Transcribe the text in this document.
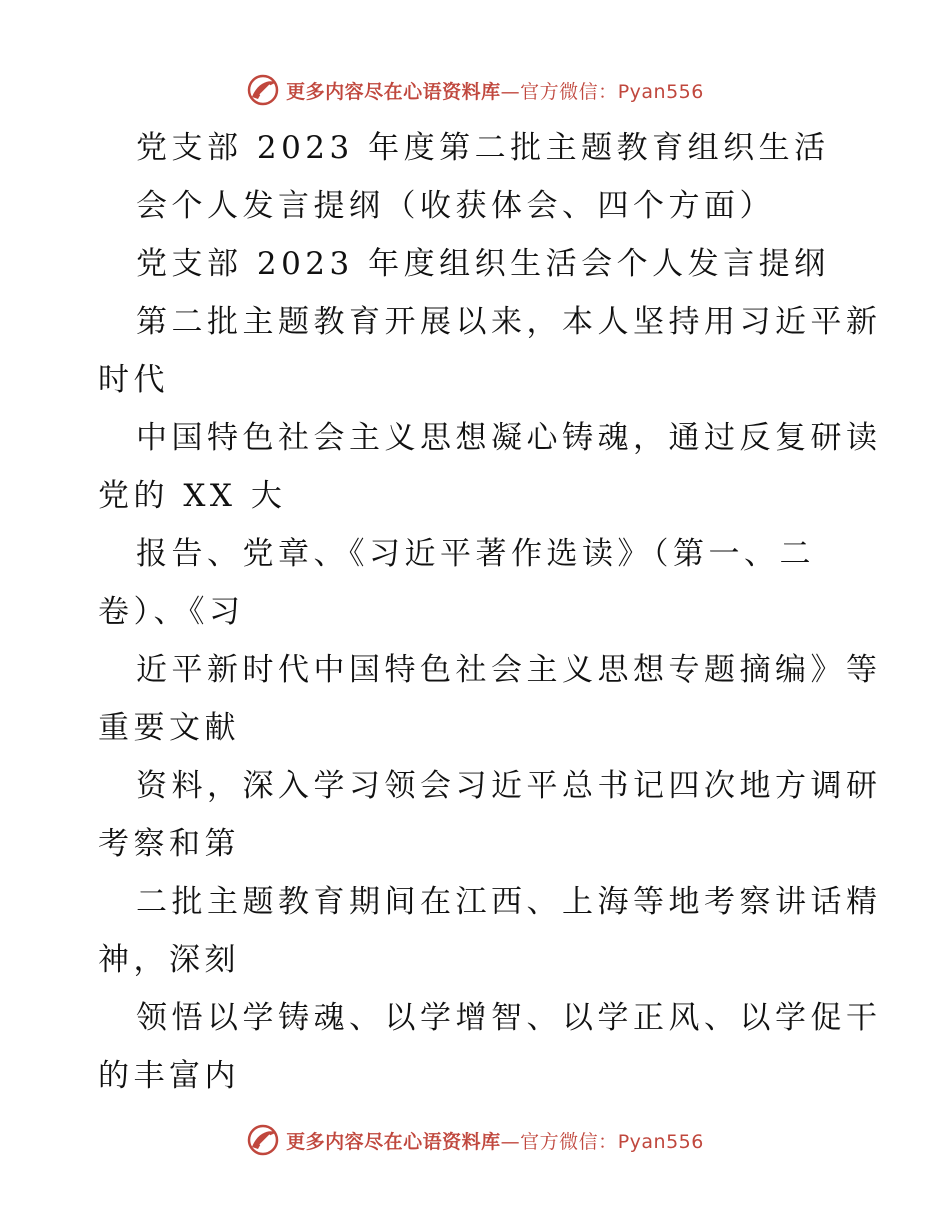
更多内容尽在心语资料库—官方微信：Pyan556
党支部 2023 年度第二批主题教育组织生活
会个人发言提纲（收获体会、四个方面）
党支部 2023 年度组织生活会个人发言提纲
第二批主题教育开展以来，本人坚持用习近平新
时代
中国特色社会主义思想凝心铸魂，通过反复研读
党的 XX 大
报告、党章、《习近平著作选读》（第一、二
卷）、《习
近平新时代中国特色社会主义思想专题摘编》等
重要文献
资料，深入学习领会习近平总书记四次地方调研
考察和第
二批主题教育期间在江西、上海等地考察讲话精
神，深刻
领悟以学铸魂、以学增智、以学正风、以学促干
的丰富内
更多内容尽在心语资料库—官方微信：Pyan556
